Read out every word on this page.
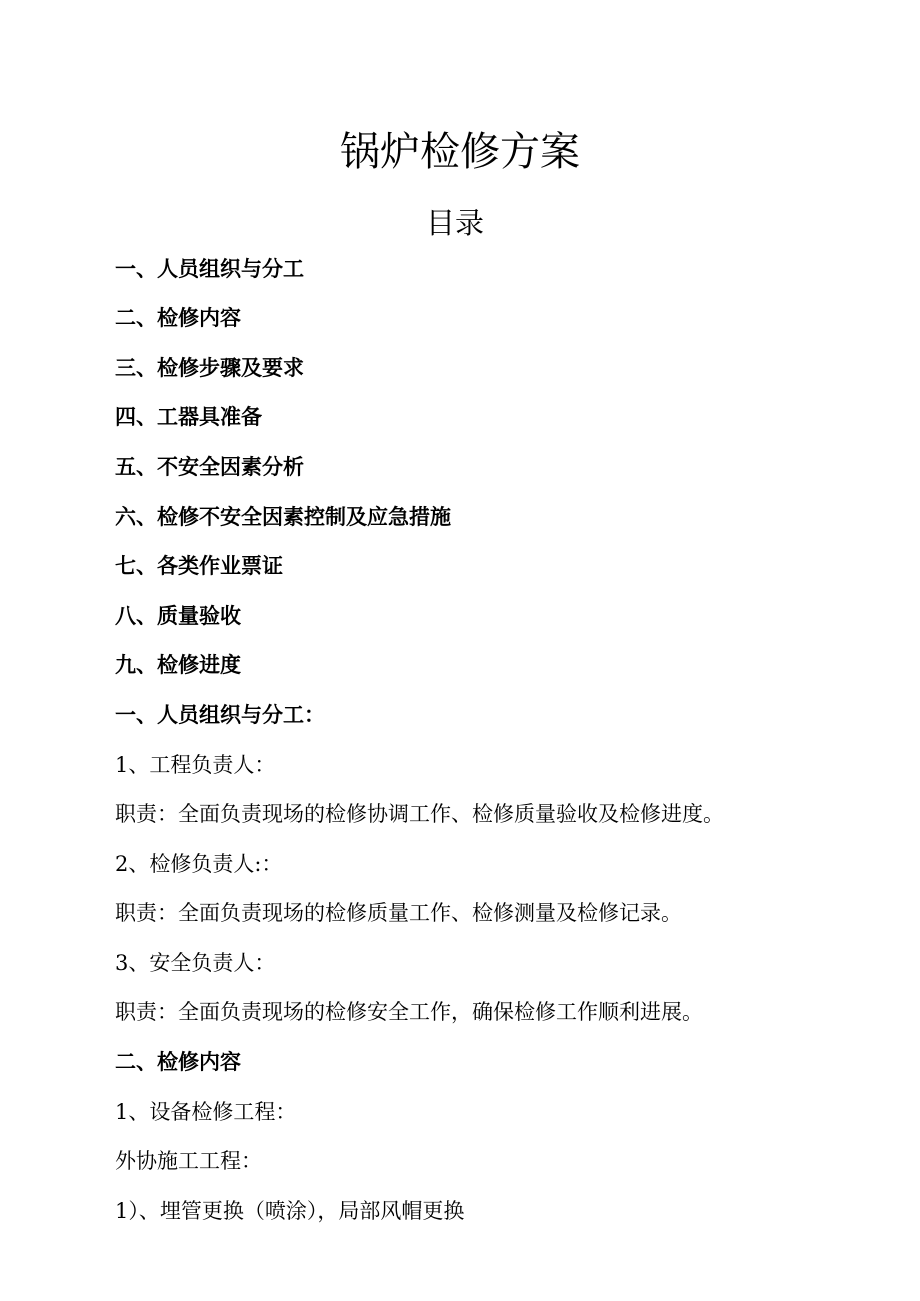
锅炉检修方案
目录

一、人员组织与分工

二、检修内容

三、检修步骤及要求

四、工器具准备

五、不安全因素分析

六、检修不安全因素控制及应急措施

七、各类作业票证

八、质量验收

九、检修进度

一、人员组织与分工：

1、工程负责人：

职责：全面负责现场的检修协调工作、检修质量验收及检修进度。

2、检修负责人:：

职责：全面负责现场的检修质量工作、检修测量及检修记录。

3、安全负责人：

职责：全面负责现场的检修安全工作，确保检修工作顺利进展。

二、检修内容

1、设备检修工程：

外协施工工程：

1）、埋管更换（喷涂），局部风帽更换
